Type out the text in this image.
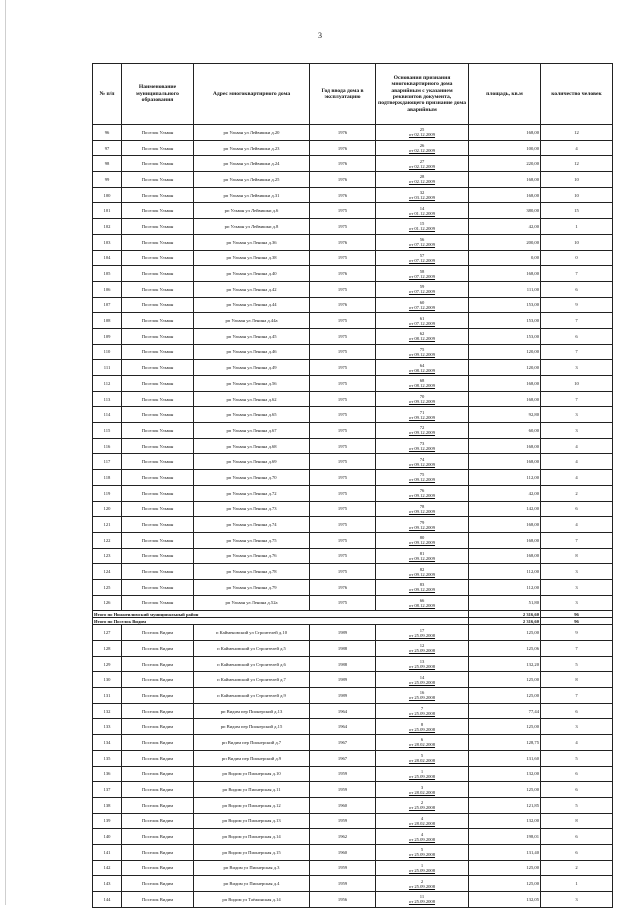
3
№ п/п	Наименование муниципального образования	Адрес многоквартирного дома	Год ввода дома в эксплуатацию	Основания признания многоквартирного дома аварийным с указанием реквизитов документа, подтверждающего признание дома аварийным	площадь, кв.м	количество человек
96	Поселок Ульван	рп Ульван ул Лейвишки д.20	1976	25
от 02.12.2009	168,00	12
97	Поселок Ульван	рп Ульван ул Лейвишки д.23	1976	26
от 02.12.2009	100,00	4
98	Поселок Ульван	рп Ульван ул Лейвишки д.24	1976	27
от 02.12.2009	220,00	12
99	Поселок Ульван	рп Ульван ул Лейвишки д.25	1976	28
от 02.12.2009	168,00	10
100	Поселок Ульван	рп Ульван ул Лейвишки д.31	1976	32
от 03.12.2009	168,00	10
101	Поселок Ульван	рп Ульван ул Лейвишки д.6	1975	14
от 01.12.2009	380,00	15
102	Поселок Ульван	рп Ульван ул Лейвишки д.8	1975	15
от 01.12.2009	42,00	1
103	Поселок Ульван	рп Ульван ул Ленина д.36	1976	56
от 07.12.2009	200,00	10
104	Поселок Ульван	рп Ульван ул Ленина д.38	1975	57
от 07.12.2009	0,00	0
105	Поселок Ульван	рп Ульван ул Ленина д.40	1976	58
от 07.12.2009	168,00	7
106	Поселок Ульван	рп Ульван ул Ленина д.42	1975	59
от 07.12.2009	111,00	6
107	Поселок Ульван	рп Ульван ул Ленина д.44	1976	60
от 07.12.2009	153,00	9
108	Поселок Ульван	рп Ульван ул Ленина д.44а	1975	61
от 07.12.2009	153,00	7
109	Поселок Ульван	рп Ульван ул Ленина д.45	1975	62
от 08.12.2009	153,00	6
110	Поселок Ульван	рп Ульван ул Ленина д.46	1975	75
от 09.12.2009	120,00	7
111	Поселок Ульван	рп Ульван ул Ленина д.49	1975	64
от 08.12.2009	120,00	3
112	Поселок Ульван	рп Ульван ул Ленина д.56	1975	68
от 08.12.2009	168,00	10
113	Поселок Ульван	рп Ульван ул Ленина д.62	1975	70
от 09.12.2009	168,00	7
114	Поселок Ульван	рп Ульван ул Ленина д.65	1975	71
от 09.12.2009	92,80	3
115	Поселок Ульван	рп Ульван ул Ленина д.67	1975	72
от 09.12.2009	60,00	3
116	Поселок Ульван	рп Ульван ул Ленина д.68	1975	73
от 09.12.2009	168,00	4
117	Поселок Ульван	рп Ульван ул Ленина д.69	1975	74
от 09.12.2009	168,00	4
118	Поселок Ульван	рп Ульван ул Ленина д.70	1975	75
от 09.12.2009	112,00	4
119	Поселок Ульван	рп Ульван ул Ленина д.72	1975	76
от 09.12.2009	42,00	2
120	Поселок Ульван	рп Ульван ул Ленина д.73	1975	78
от 09.12.2009	142,00	6
121	Поселок Ульван	рп Ульван ул Ленина д.74	1975	79
от 09.12.2009	168,00	4
122	Поселок Ульван	рп Ульван ул Ленина д.75	1975	80
от 09.12.2009	168,00	7
123	Поселок Ульван	рп Ульван ул Ленина д.76	1975	81
от 09.12.2009	168,00	8
124	Поселок Ульван	рп Ульван ул Ленина д.78	1975	82
от 09.12.2009	112,00	3
125	Поселок Ульван	рп Ульван ул Ленина д.79	1976	83
от 09.12.2009	112,00	3
126	Поселок Ульван	рп Ульван ул Ленина д.52а	1975	66
от 08.12.2009	51,80	3
Итого по Нижнеилимский муниципальный район					2 316,60	96
Итого по Поселок Видим					2 316,60	96
127	Поселок Видим	п Кайменовский ул Строителей д.10	1989	17
от 25.09.2008	125,00	9
128	Поселок Видим	п Кайменовский ул Строителей д.5	1988	12
от 25.09.2008	125,06	7
129	Поселок Видим	п Кайменовский ул Строителей д.6	1988	13
от 25.09.2008	132,20	5
130	Поселок Видим	п Кайменовский ул Строителей д.7	1989	14
от 25.09.2008	125,00	8
131	Поселок Видим	п Кайменовский ул Строителей д.9	1989	16
от 25.09.2008	125,00	7
132	Поселок Видим	рп Видим пер Пионерский д.13	1964	7
от 25.09.2008	77,44	6
133	Поселок Видим	рп Видим пер Пионерский д.15	1964	8
от 25.09.2008	125,00	3
134	Поселок Видим	рп Видим пер Пионерский д.7	1967	6
от 28.02.2008	128,75	4
135	Поселок Видим	рп Видим пер Пионерский д.9	1967	5
от 28.02.2008	131,60	5
136	Поселок Видим	рп Видим ул Пионерская д.10	1959	1
от 25.09.2008	132,00	6
137	Поселок Видим	рп Видим ул Пионерская д.11	1959	3
от 28.02.2008	125,00	6
138	Поселок Видим	рп Видим ул Пионерская д.12	1960	2
от 25.09.2008	121,85	5
139	Поселок Видим	рп Видим ул Пионерская д.13	1959	4
от 28.02.2008	132,00	8
140	Поселок Видим	рп Видим ул Пионерская д.14	1962	4
от 25.09.2008	198,01	6
141	Поселок Видим	рп Видим ул Пионерская д.15	1960	5
от 25.09.2008	131,40	6
142	Поселок Видим	рп Видим ул Пионерская д.3	1959	1
от 25.09.2008	125,00	2
143	Поселок Видим	рп Видим ул Пионерская д.4	1959	2
от 25.09.2008	125,00	1
144	Поселок Видим	рп Видим ул Таёжинская д.14	1956	11
от 25.09.2008	132,05	3
